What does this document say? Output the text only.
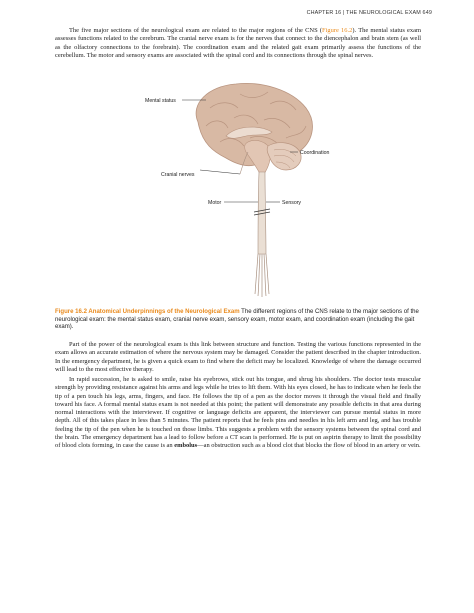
CHAPTER 16 | THE NEUROLOGICAL EXAM 649

The five major sections of the neurological exam are related to the major regions of the CNS (Figure 16.2). The mental status exam assesses functions related to the cerebrum. The cranial nerve exam is for the nerves that connect to the diencephalon and brain stem (as well as the olfactory connections to the forebrain). The coordination exam and the related gait exam primarily assess the functions of the cerebellum. The motor and sensory exams are associated with the spinal cord and its connections through the spinal nerves.

Mental status
Coordination
Cranial nerves
Motor	Sensory

Figure 16.2 Anatomical Underpinnings of the Neurological Exam The different regions of the CNS relate to the major sections of the neurological exam: the mental status exam, cranial nerve exam, sensory exam, motor exam, and coordination exam (including the gait exam).

Part of the power of the neurological exam is this link between structure and function. Testing the various functions represented in the exam allows an accurate estimation of where the nervous system may be damaged. Consider the patient described in the chapter introduction. In the emergency department, he is given a quick exam to find where the deficit may be localized. Knowledge of where the damage occurred will lead to the most effective therapy.

In rapid succession, he is asked to smile, raise his eyebrows, stick out his tongue, and shrug his shoulders. The doctor tests muscular strength by providing resistance against his arms and legs while he tries to lift them. With his eyes closed, he has to indicate when he feels the tip of a pen touch his legs, arms, fingers, and face. He follows the tip of a pen as the doctor moves it through the visual field and finally toward his face. A formal mental status exam is not needed at this point; the patient will demonstrate any possible deficits in that area during normal interactions with the interviewer. If cognitive or language deficits are apparent, the interviewer can pursue mental status in more depth. All of this takes place in less than 5 minutes. The patient reports that he feels pins and needles in his left arm and leg, and has trouble feeling the tip of the pen when he is touched on those limbs. This suggests a problem with the sensory systems between the spinal cord and the brain. The emergency department has a lead to follow before a CT scan is performed. He is put on aspirin therapy to limit the possibility of blood clots forming, in case the cause is an embolus—an obstruction such as a blood clot that blocks the flow of blood in an artery or vein.
